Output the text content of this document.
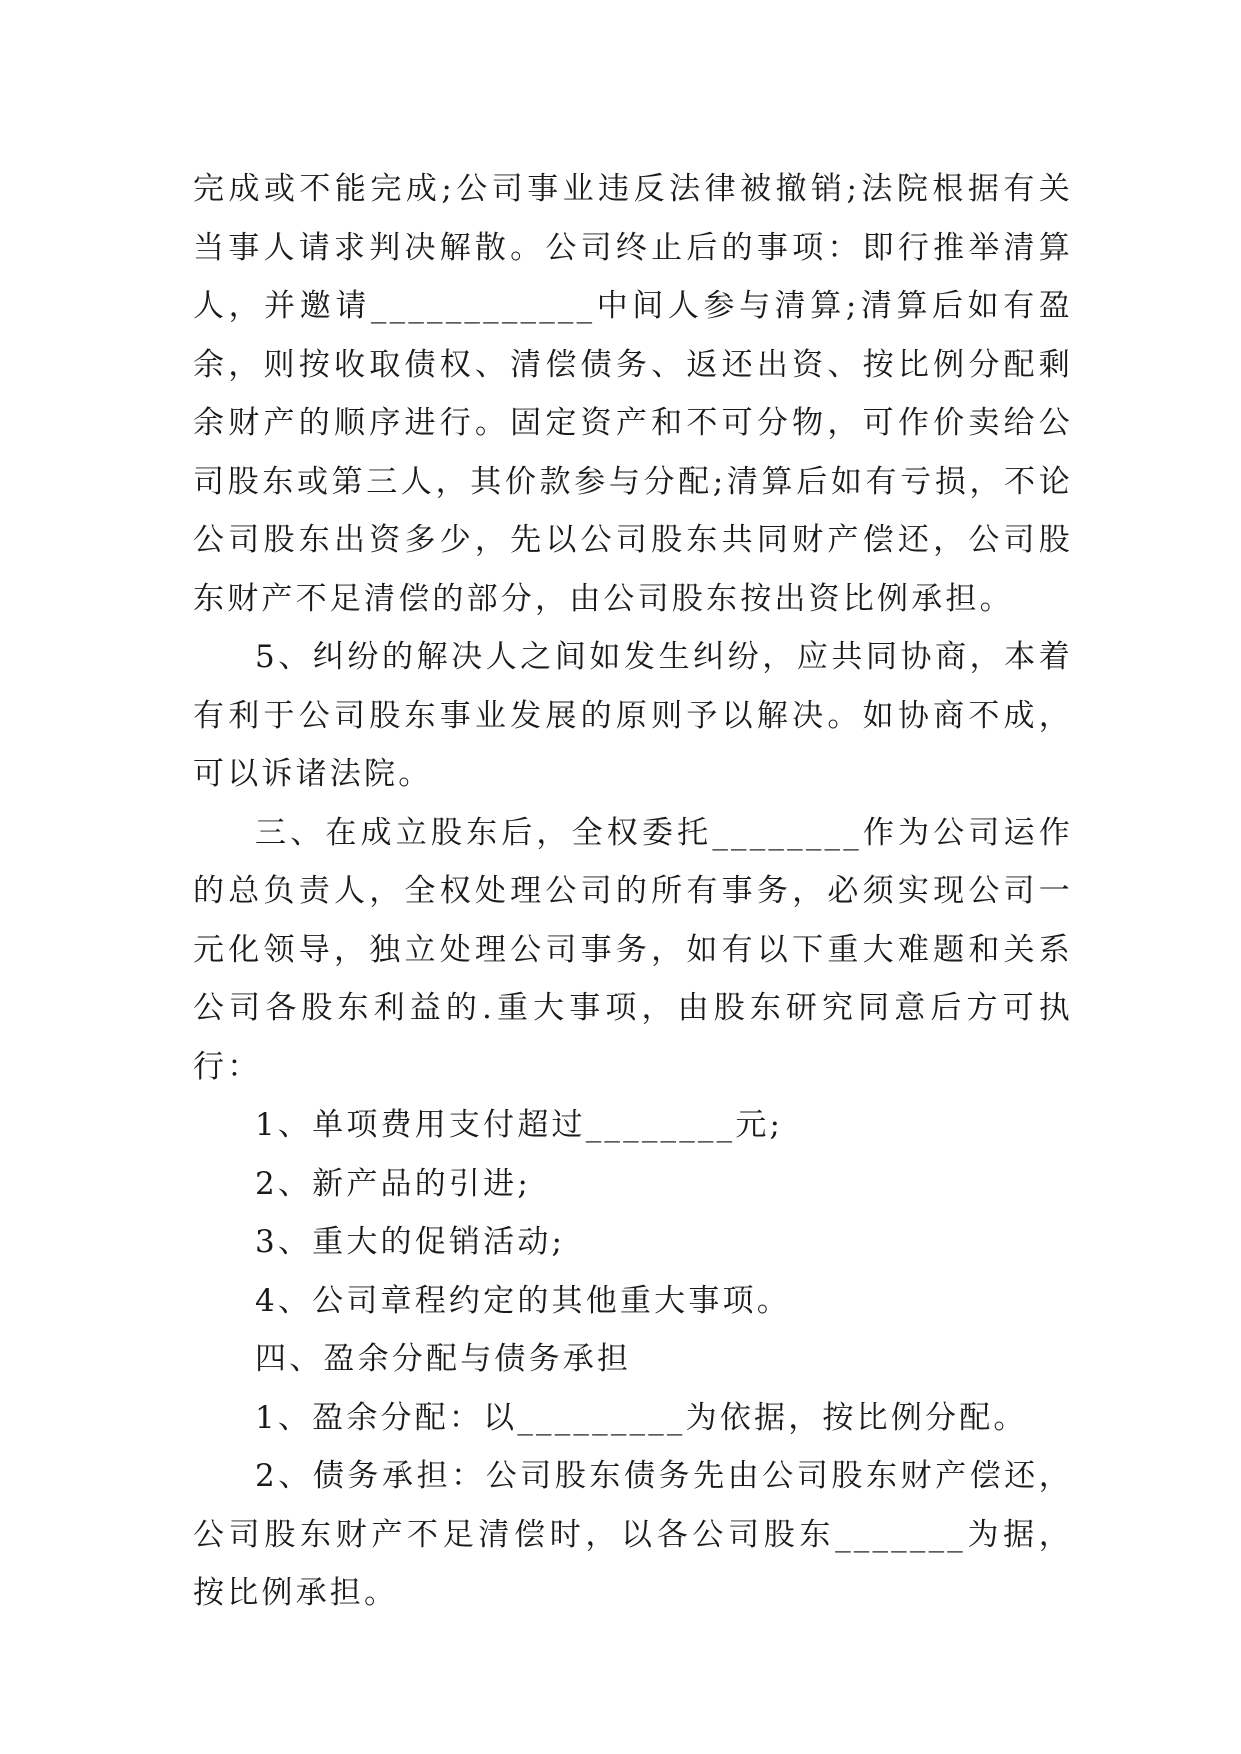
完成或不能完成;公司事业违反法律被撤销;法院根据有关当事人请求判决解散。公司终止后的事项：即行推举清算人，并邀请____________中间人参与清算;清算后如有盈余，则按收取债权、清偿债务、返还出资、按比例分配剩余财产的顺序进行。固定资产和不可分物，可作价卖给公司股东或第三人，其价款参与分配;清算后如有亏损，不论公司股东出资多少，先以公司股东共同财产偿还，公司股东财产不足清偿的部分，由公司股东按出资比例承担。

5、纠纷的解决人之间如发生纠纷，应共同协商，本着有利于公司股东事业发展的原则予以解决。如协商不成，可以诉诸法院。

三、在成立股东后，全权委托________作为公司运作的总负责人，全权处理公司的所有事务，必须实现公司一元化领导，独立处理公司事务，如有以下重大难题和关系公司各股东利益的.重大事项，由股东研究同意后方可执行：

1、单项费用支付超过________元;

2、新产品的引进;

3、重大的促销活动;

4、公司章程约定的其他重大事项。

四、盈余分配与债务承担

1、盈余分配：以_________为依据，按比例分配。

2、债务承担：公司股东债务先由公司股东财产偿还，公司股东财产不足清偿时，以各公司股东_______为据，按比例承担。
